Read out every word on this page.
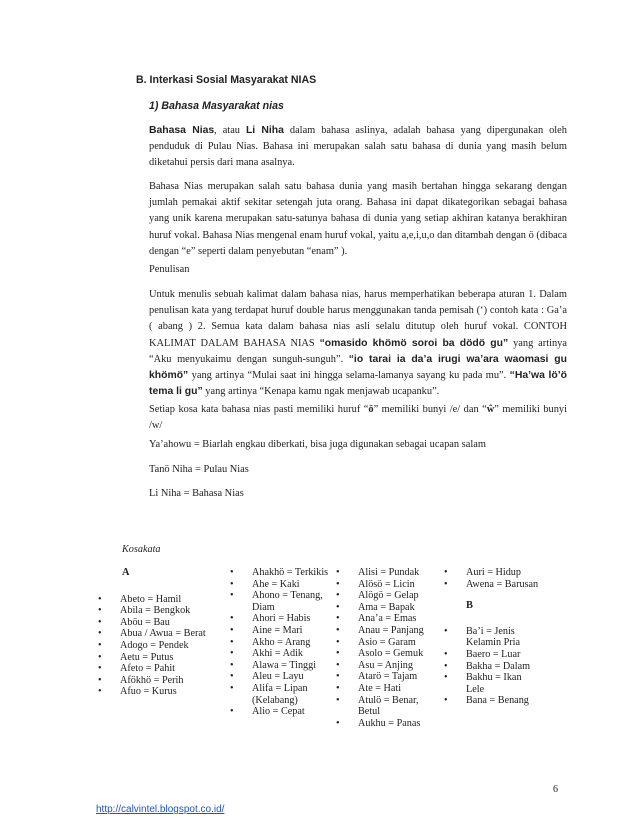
B. Interkasi Sosial Masyarakat NIAS
1) Bahasa Masyarakat nias

Bahasa Nias, atau Li Niha dalam bahasa aslinya, adalah bahasa yang dipergunakan oleh penduduk di Pulau Nias. Bahasa ini merupakan salah satu bahasa di dunia yang masih belum diketahui persis dari mana asalnya.

Bahasa Nias merupakan salah satu bahasa dunia yang masih bertahan hingga sekarang dengan jumlah pemakai aktif sekitar setengah juta orang. Bahasa ini dapat dikategorikan sebagai bahasa yang unik karena merupakan satu-satunya bahasa di dunia yang setiap akhiran katanya berakhiran huruf vokal. Bahasa Nias mengenal enam huruf vokal, yaitu a,e,i,u,o dan ditambah dengan ö (dibaca dengan “e” seperti dalam penyebutan “enam” ).

Penulisan

Untuk menulis sebuah kalimat dalam bahasa nias, harus memperhatikan beberapa aturan 1. Dalam penulisan kata yang terdapat huruf double harus menggunakan tanda pemisah (‘) contoh kata : Ga’a ( abang ) 2. Semua kata dalam bahasa nias asli selalu ditutup oleh huruf vokal. CONTOH KALIMAT DALAM BAHASA NIAS “omasido khömö soroi ba dödö gu” yang artinya “Aku menyukaimu dengan sunguh-sunguh”. “io tarai ia da’a irugi wa’ara waomasi gu khömö” yang artinya “Mulai saat ini hingga selama-lamanya sayang ku pada mu”. “Ha’wa lö’ö tema li gu” yang artinya “Kenapa kamu ngak menjawab ucapanku”.

Setiap kosa kata bahasa nias pasti memiliki huruf “ö” memiliki bunyi /e/ dan “ŵ” memiliki bunyi /w/

Ya’ahowu = Biarlah engkau diberkati, bisa juga digunakan sebagai ucapan salam
Tanö Niha = Pulau Nias
Li Niha = Bahasa Nias
Kosakata
A
• Abeto = Hamil
• Abila = Bengkok
• Aböu = Bau
• Abua / Awua = Berat
• Adogo = Pendek
• Aetu = Putus
• Afeto = Pahit
• Afökhö = Perih
• Afuo = Kurus
• Ahakhö = Terkikis
• Ahe = Kaki
• Ahono = Tenang, Diam
• Ahori = Habis
• Aine = Mari
• Akho = Arang
• Akhi = Adik
• Alawa = Tinggi
• Aleu = Layu
• Alifa = Lipan (Kelabang)
• Alio = Cepat
• Alisi = Pundak
• Alösö = Licin
• Alögö = Gelap
• Ama = Bapak
• Ana’a = Emas
• Anau = Panjang
• Asio = Garam
• Asolo = Gemuk
• Asu = Anjing
• Atarö = Tajam
• Ate = Hati
• Atulö = Benar, Betul
• Aukhu = Panas
• Auri = Hidup
• Awena = Barusan
B
• Ba’i = Jenis Kelamin Pria
• Baero = Luar
• Bakha = Dalam
• Bakhu = Ikan Lele
• Bana = Benang
6
http://calvintel.blogspot.co.id/
